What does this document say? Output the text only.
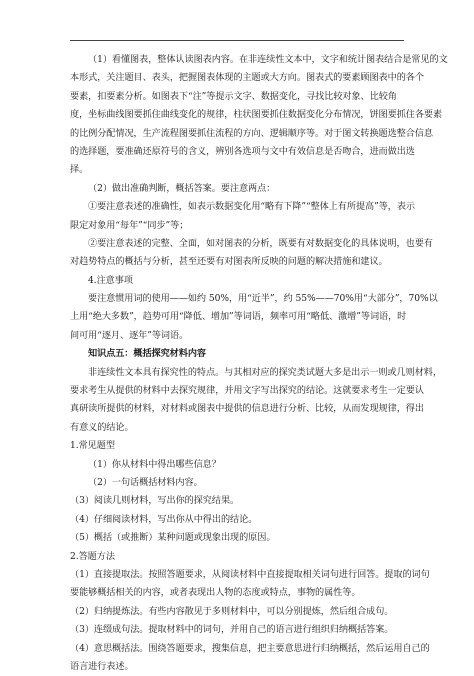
（1）看懂图表，整体认读图表内容。在非连续性文本中，文字和统计图表结合是常见的文
本形式，关注题目、表头，把握图表体现的主题或大方向。图表式的要素顾图表中的各个
要素，扣要素分析。如图表下“注”等提示文字、数据变化，寻找比较对象、比较角
度，坐标曲线图要抓住曲线变化的规律，柱状图要抓住数据变化分布情况，饼图要抓住各要素
的比例分配情况，生产流程图要抓住流程的方向、逻辑顺序等。对于图文转换题选整合信息
的选择题，要准确还原符号的含义，辨别各选项与文中有效信息是否吻合，进而做出选
择。
（2）做出准确判断，概括答案。要注意两点：
①要注意表述的准确性，如表示数据变化用“略有下降”“整体上有所提高”等，表示
限定对象用“每年”“同步”等；
②要注意表述的完整、全面，如对图表的分析，既要有对数据变化的具体说明，也要有
对趋势特点的概括与分析，甚至还要有对图表所反映的问题的解决措施和建议。
4.注意事项
要注意惯用词的使用——如约 50%，用“近半”，约 55%——70%用“大部分”，70%以
上用“绝大多数”，趋势可用“降低、增加”等词语，频率可用“略低、激增”等词语，时
间可用“逐月、逐年”等词语。
知识点五：概括探究材料内容
非连续性文本具有探究性的特点。与其相对应的探究类试题大多是出示一则或几则材料，
要求考生从提供的材料中去探究规律，并用文字写出探究的结论。这就要求考生一定要认
真研读所提供的材料，对材料或图表中提供的信息进行分析、比较，从而发现规律，得出
有意义的结论。
1.常见题型
（1）你从材料中得出哪些信息？
（2）一句话概括材料内容。
（3）阅读几则材料，写出你的探究结果。
（4）仔细阅读材料，写出你从中得出的结论。
（5）概括（或推断）某种问题或现象出现的原因。
2.答题方法
（1）直接提取法。按照答题要求，从阅读材料中直接提取相关词句进行回答。提取的词句
要能够概括相关的内容，或者表现出人物的态度或特点，事物的属性等。
（2）归纳提炼法。有些内容散见于多则材料中，可以分别提炼，然后组合成句。
（3）连缀成句法。提取材料中的词句，并用自己的语言进行组织归纳概括答案。
（4）意思概括法。围绕答题要求，搜集信息，把主要意思进行归纳概括，然后运用自己的
语言进行表述。
